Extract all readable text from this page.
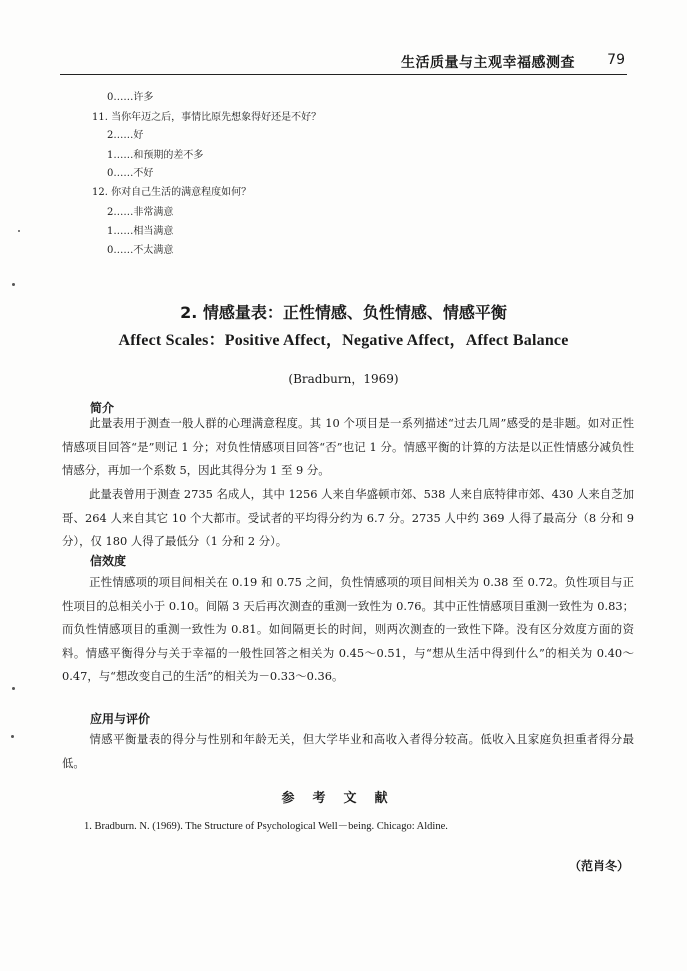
生活质量与主观幸福感测查 79
0……许多
11. 当你年迈之后，事情比原先想象得好还是不好？
2……好
1……和预期的差不多
0……不好
12. 你对自己生活的满意程度如何？
2……非常满意
1……相当满意
0……不太满意
2. 情感量表：正性情感、负性情感、情感平衡
Affect Scales：Positive Affect，Negative Affect，Affect Balance
(Bradburn，1969)
简介
此量表用于测查一般人群的心理满意程度。其 10 个项目是一系列描述“过去几周”感受的是非题。如对正性情感项目回答“是”则记 1 分；对负性情感项目回答“否”也记 1 分。情感平衡的计算的方法是以正性情感分减负性情感分，再加一个系数 5，因此其得分为 1 至 9 分。
此量表曾用于测查 2735 名成人，其中 1256 人来自华盛顿市郊、538 人来自底特律市郊、430 人来自芝加哥、264 人来自其它 10 个大都市。受试者的平均得分约为 6.7 分。2735 人中约 369 人得了最高分（8 分和 9 分），仅 180 人得了最低分（1 分和 2 分）。
信效度
正性情感项的项目间相关在 0.19 和 0.75 之间，负性情感项的项目间相关为 0.38 至 0.72。负性项目与正性项目的总相关小于 0.10。间隔 3 天后再次测查的重测一致性为 0.76。其中正性情感项目重测一致性为 0.83；而负性情感项目的重测一致性为 0.81。如间隔更长的时间，则两次测查的一致性下降。没有区分效度方面的资料。情感平衡得分与关于幸福的一般性回答之相关为 0.45～0.51，与“想从生活中得到什么”的相关为 0.40～0.47，与“想改变自己的生活”的相关为－0.33～0.36。
应用与评价
情感平衡量表的得分与性别和年龄无关，但大学毕业和高收入者得分较高。低收入且家庭负担重者得分最低。
参考文献
1. Bradburn. N. (1969). The Structure of Psychological Well－being. Chicago: Aldine.
（范肖冬）
